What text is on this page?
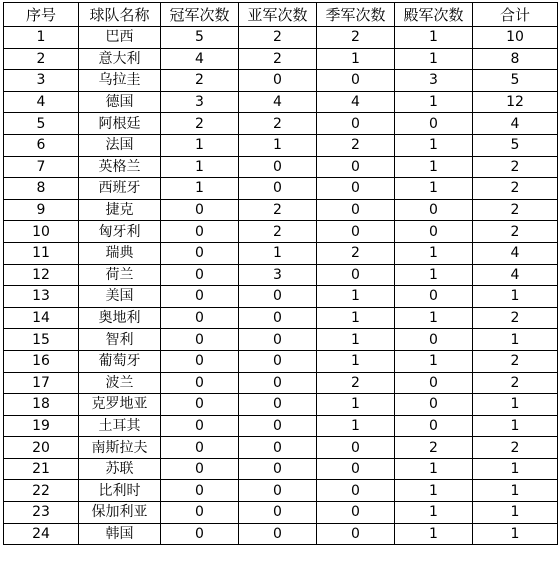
序号	球队名称	冠军次数	亚军次数	季军次数	殿军次数	合计
1	巴西	5	2	2	1	10
2	意大利	4	2	1	1	8
3	乌拉圭	2	0	0	3	5
4	德国	3	4	4	1	12
5	阿根廷	2	2	0	0	4
6	法国	1	1	2	1	5
7	英格兰	1	0	0	1	2
8	西班牙	1	0	0	1	2
9	捷克	0	2	0	0	2
10	匈牙利	0	2	0	0	2
11	瑞典	0	1	2	1	4
12	荷兰	0	3	0	1	4
13	美国	0	0	1	0	1
14	奥地利	0	0	1	1	2
15	智利	0	0	1	0	1
16	葡萄牙	0	0	1	1	2
17	波兰	0	0	2	0	2
18	克罗地亚	0	0	1	0	1
19	土耳其	0	0	1	0	1
20	南斯拉夫	0	0	0	2	2
21	苏联	0	0	0	1	1
22	比利时	0	0	0	1	1
23	保加利亚	0	0	0	1	1
24	韩国	0	0	0	1	1
